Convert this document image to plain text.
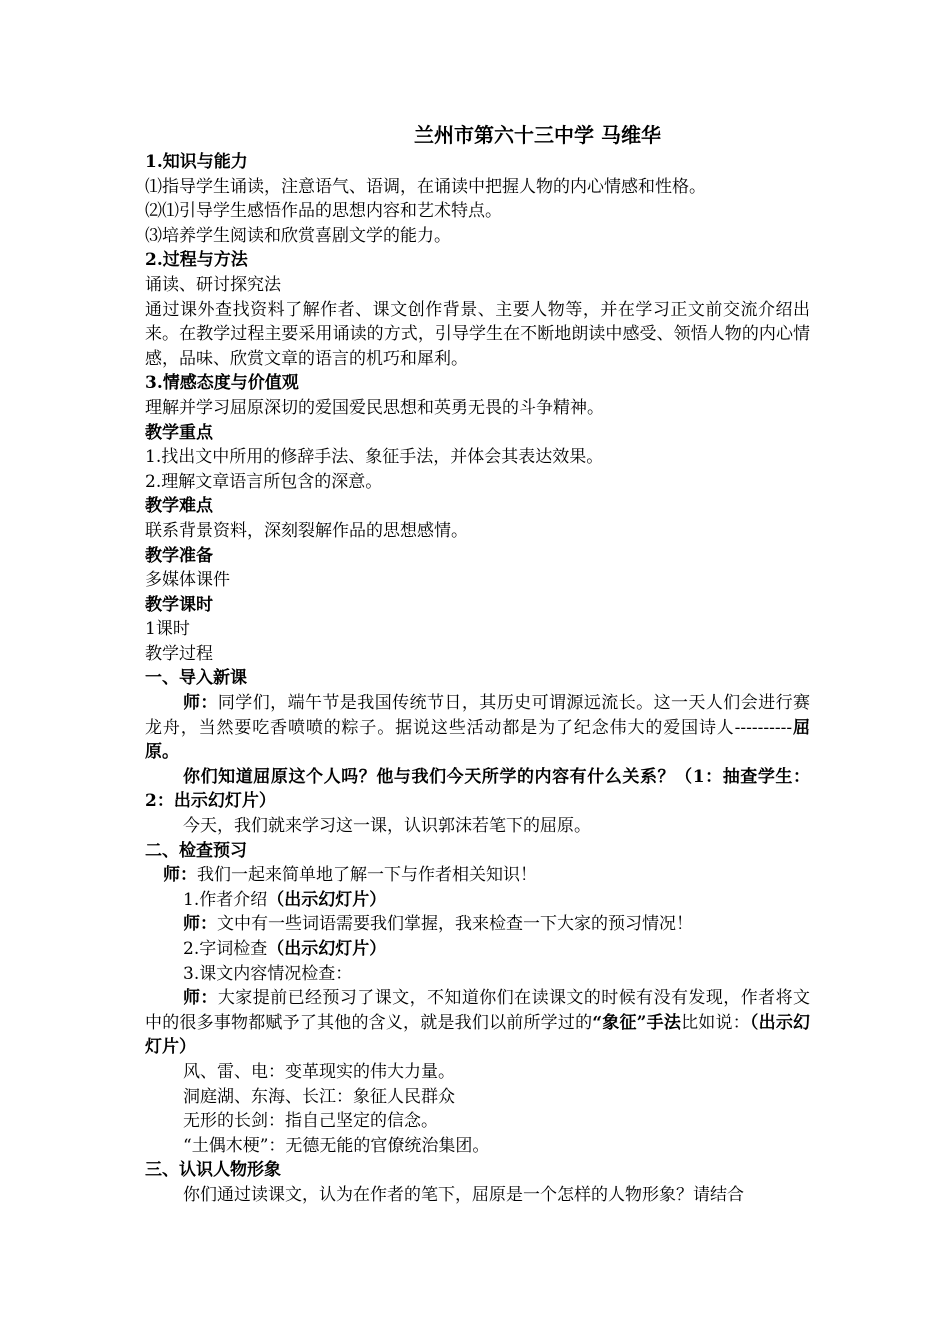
兰州市第六十三中学 马维华

1.知识与能力

⑴指导学生诵读，注意语气、语调，在诵读中把握人物的内心情感和性格。

⑵⑴引导学生感悟作品的思想内容和艺术特点。

⑶培养学生阅读和欣赏喜剧文学的能力。

2.过程与方法

诵读、研讨探究法

通过课外查找资料了解作者、课文创作背景、主要人物等，并在学习正文前交流介绍出来。在教学过程主要采用诵读的方式，引导学生在不断地朗读中感受、领悟人物的内心情感，品味、欣赏文章的语言的机巧和犀利。

3.情感态度与价值观

理解并学习屈原深切的爱国爱民思想和英勇无畏的斗争精神。

教学重点

1.找出文中所用的修辞手法、象征手法，并体会其表达效果。

2.理解文章语言所包含的深意。

教学难点

联系背景资料，深刻裂解作品的思想感情。

教学准备

多媒体课件

教学课时

1课时

教学过程

一、导入新课

师：同学们，端午节是我国传统节日，其历史可谓源远流长。这一天人们会进行赛龙舟，当然要吃香喷喷的粽子。据说这些活动都是为了纪念伟大的爱国诗人----------屈原。

你们知道屈原这个人吗？他与我们今天所学的内容有什么关系？（1：抽查学生：2：出示幻灯片）

今天，我们就来学习这一课，认识郭沫若笔下的屈原。

二、检查预习

师：我们一起来简单地了解一下与作者相关知识！

1.作者介绍（出示幻灯片）

师：文中有一些词语需要我们掌握，我来检查一下大家的预习情况！

2.字词检查（出示幻灯片）

3.课文内容情况检查：

师：大家提前已经预习了课文，不知道你们在读课文的时候有没有发现，作者将文中的很多事物都赋予了其他的含义，就是我们以前所学过的“象征”手法比如说：（出示幻灯片）

风、雷、电：变革现实的伟大力量。

洞庭湖、东海、长江：象征人民群众

无形的长剑：指自己坚定的信念。

“土偶木梗”：无德无能的官僚统治集团。

三、认识人物形象

你们通过读课文，认为在作者的笔下，屈原是一个怎样的人物形象？请结合
